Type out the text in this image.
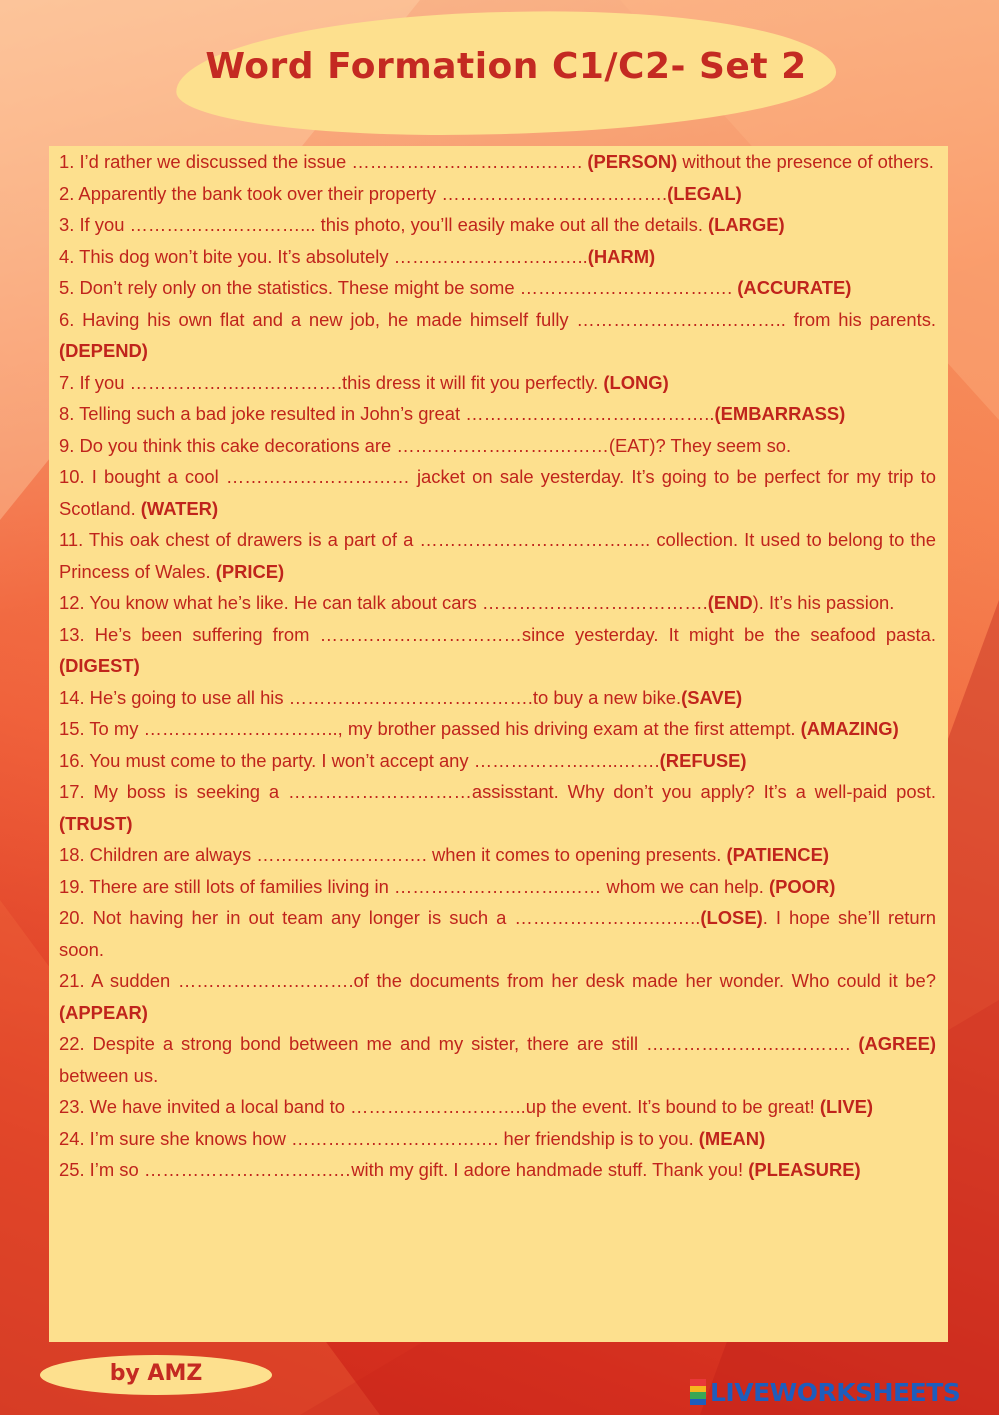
Word Formation C1/C2- Set 2

1. I’d rather we discussed the issue ………………………….……. (PERSON) without the presence of others.

2. Apparently the bank took over their property ……………………………….(LEGAL)

3. If you …………….…………... this photo, you’ll easily make out all the details. (LARGE)

4. This dog won’t bite you. It’s absolutely …………………………..(HARM)

5. Don’t rely only on the statistics. These might be some ……….……………………. (ACCURATE)

6. Having his own flat and a new job, he made himself fully ……………….…..……….. from his parents. (DEPEND)

7. If you ……………….…………….this dress it will fit you perfectly. (LONG)

8. Telling such a bad joke resulted in John’s great …………………………………..(EMBARRASS)

9. Do you think this cake decorations are ……………….…….………(EAT)? They seem so.

10. I bought a cool ………………………… jacket on sale yesterday. It’s going to be perfect for my trip to Scotland. (WATER)

11. This oak chest of drawers is a part of a ……………………………….. collection. It used to belong to the Princess of Wales. (PRICE)

12. You know what he’s like. He can talk about cars ……………………………….(END). It’s his passion.

13. He’s been suffering from ……………………………since yesterday. It might be the seafood pasta. (DIGEST)

14. He’s going to use all his ………………………………….to buy a new bike.(SAVE)

15. To my ………………………….., my brother passed his driving exam at the first attempt. (AMAZING)

16. You must come to the party. I won’t accept any ……………….…..…….(REFUSE)

17. My boss is seeking a …………………………assisstant. Why don’t you apply? It’s a well-paid post. (TRUST)

18. Children are always ………………………. when it comes to opening presents. (PATIENCE)

19. There are still lots of families living in ……………………….…… whom we can help. (POOR)

20. Not having her in out team any longer is such a ………………….….…..(LOSE). I hope she’ll return soon.

21. A sudden ……………….……….of the documents from her desk made her wonder. Who could it be? (APPEAR)

22. Despite a strong bond between me and my sister, there are still ……………….…..………. (AGREE) between us.

23. We have invited a local band to ………………………..up the event. It’s bound to be great! (LIVE)

24. I’m sure she knows how ……………………………. her friendship is to you. (MEAN)

25. I’m so ………………………….…with my gift. I adore handmade stuff. Thank you! (PLEASURE)

by AMZ

LIVEWORKSHEETS
